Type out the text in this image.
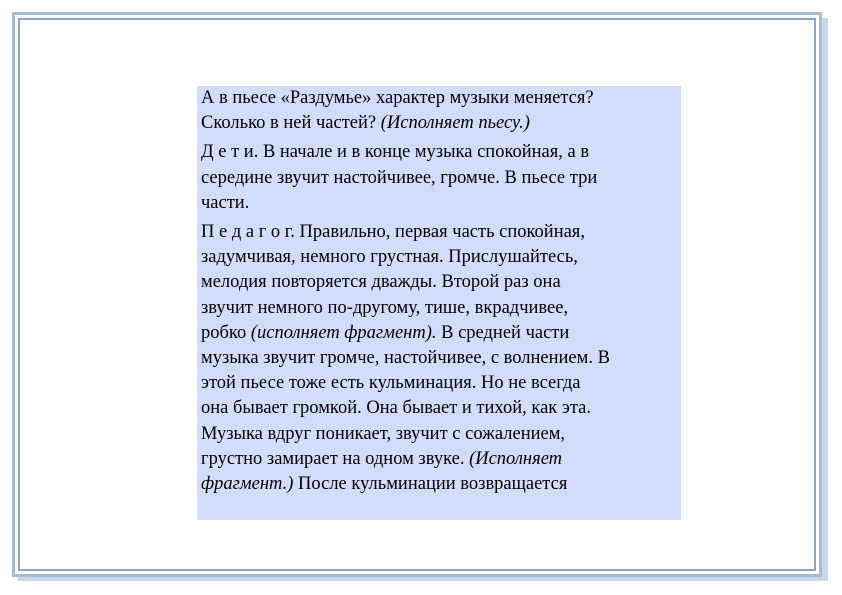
А в пьесе «Раздумье» характер музыки меняется?
Сколько в ней частей? (Исполняет пьесу.)
Д е т и. В начале и в конце музыка спокойная, а в
середине звучит настойчивее, громче. В пьесе три
части.
П е д а г о г. Правильно, первая часть спокойная,
задумчивая, немного грустная. Прислушайтесь,
мелодия повторяется дважды. Второй раз она
звучит немного по-другому, тише, вкрадчивее,
робко (исполняет фрагмент). В средней части
музыка звучит громче, настойчивее, с волнением. В
этой пьесе тоже есть кульминация. Но не всегда
она бывает громкой. Она бывает и тихой, как эта.
Музыка вдруг поникает, звучит с сожалением,
грустно замирает на одном звуке. (Исполняет
фрагмент.) После кульминации возвращается
